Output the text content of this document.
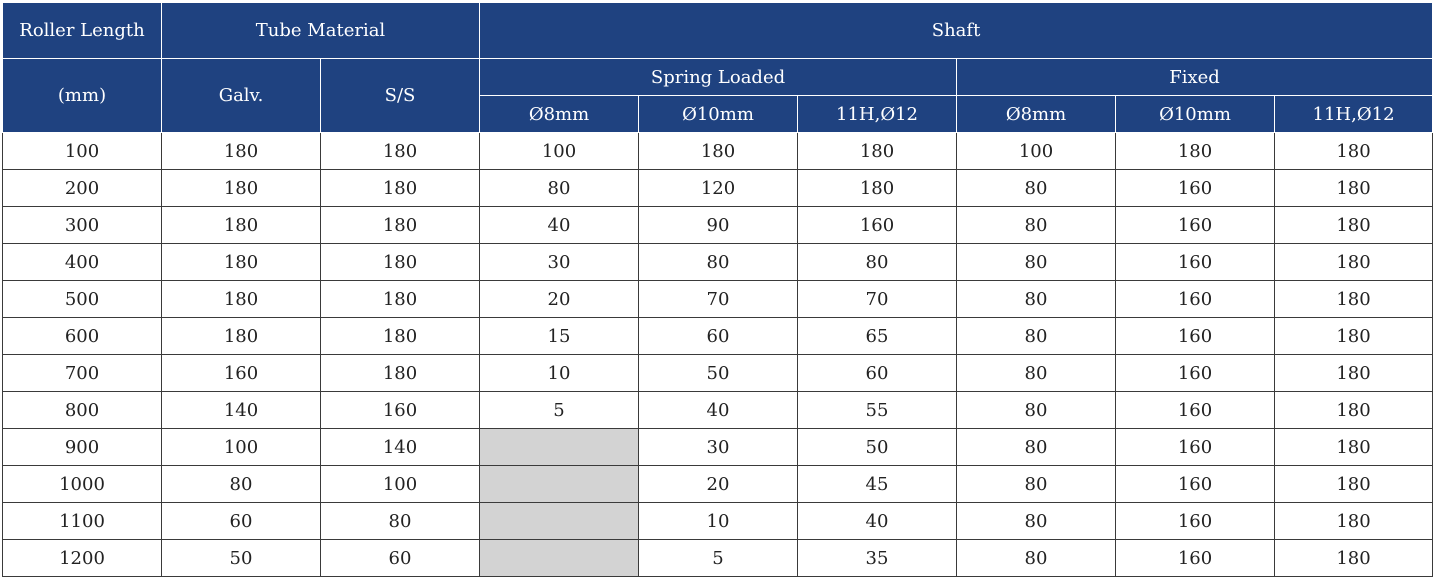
Roller Length	Tube Material		Shaft					
(mm)	Galv.	S/S	Spring Loaded			Fixed		
			Ø8mm	Ø10mm	11H,Ø12	Ø8mm	Ø10mm	11H,Ø12
100	180	180	100	180	180	100	180	180
200	180	180	80	120	180	80	160	180
300	180	180	40	90	160	80	160	180
400	180	180	30	80	80	80	160	180
500	180	180	20	70	70	80	160	180
600	180	180	15	60	65	80	160	180
700	160	180	10	50	60	80	160	180
800	140	160	5	40	55	80	160	180
900	100	140		30	50	80	160	180
1000	80	100		20	45	80	160	180
1100	60	80		10	40	80	160	180
1200	50	60		5	35	80	160	180
